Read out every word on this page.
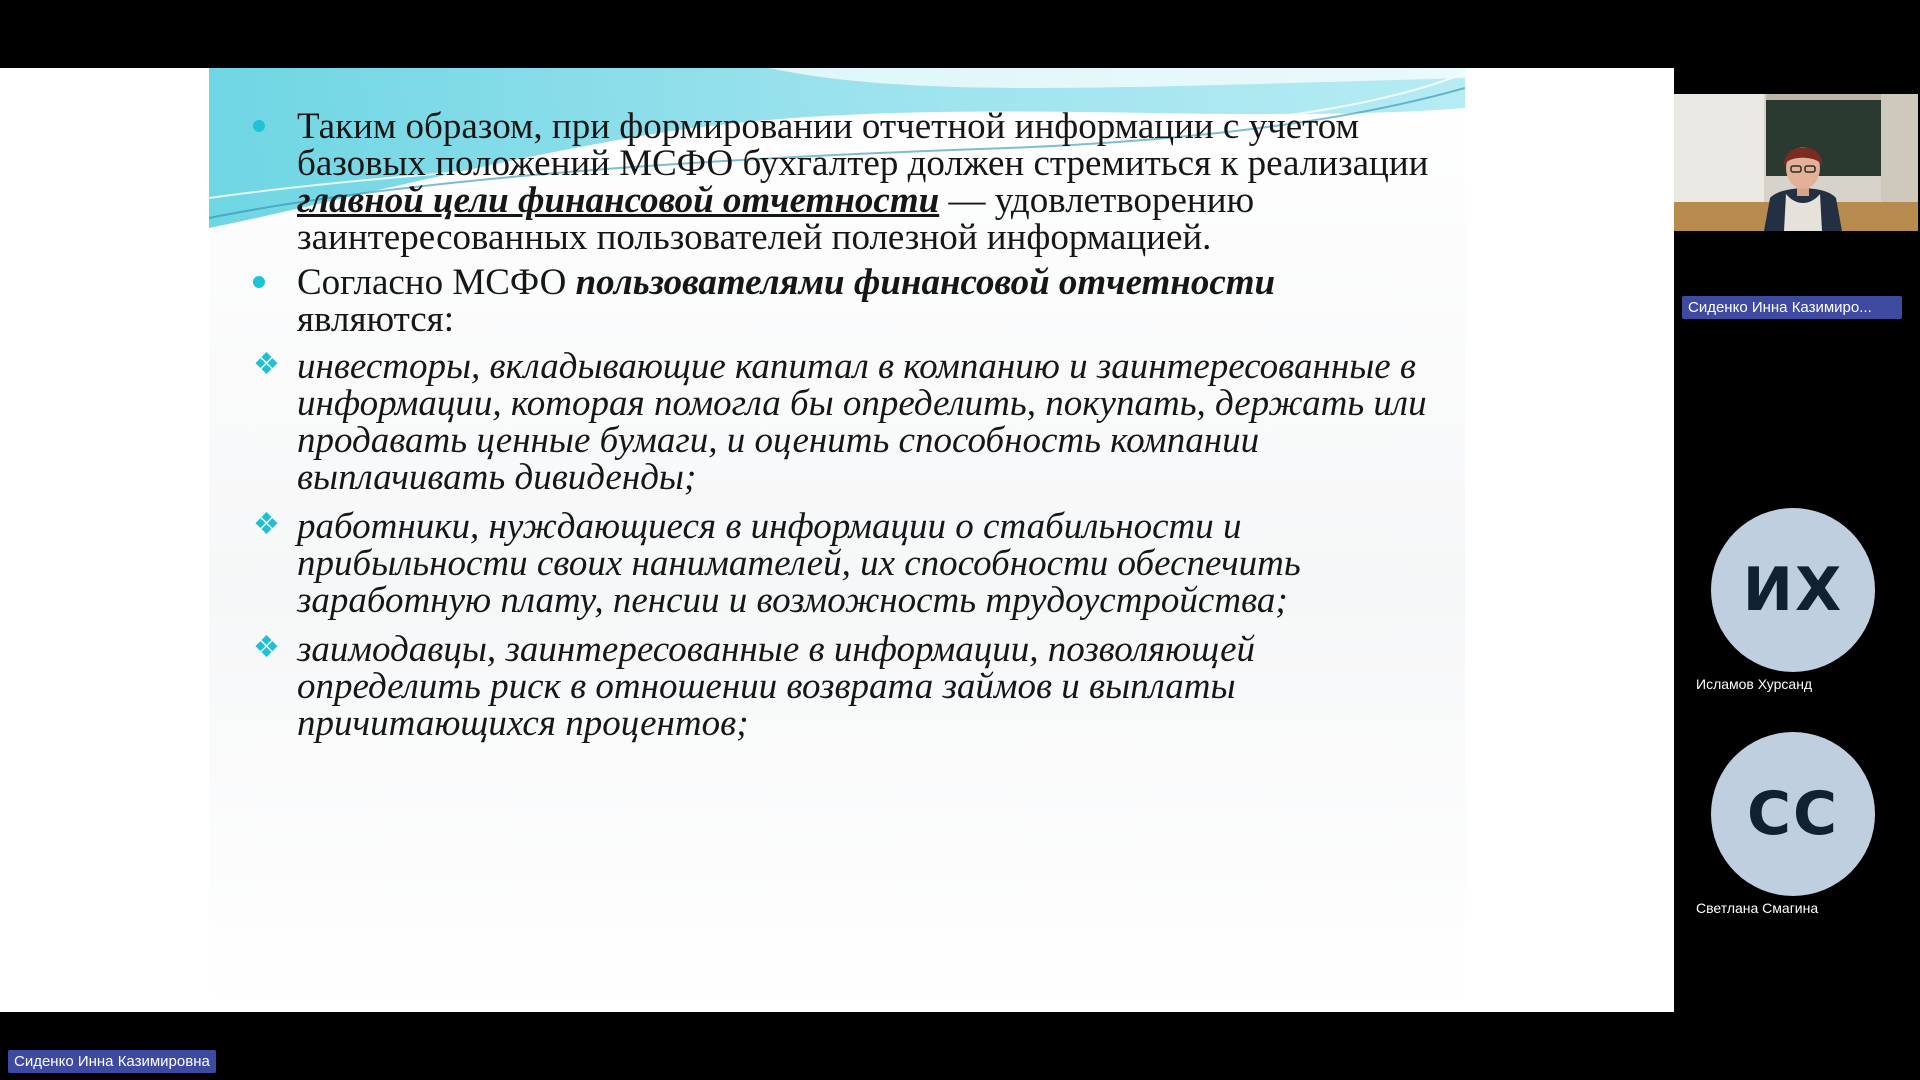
Таким образом, при формировании отчетной информации с учетом базовых положений МСФО бухгалтер должен стремиться к реализации главной цели финансовой отчетности — удовлетворению заинтересованных пользователей полезной информацией.
Согласно МСФО пользователями финансовой отчетности являются:
❖ инвесторы, вкладывающие капитал в компанию и заинтересованные в информации, которая помогла бы определить, покупать, держать или продавать ценные бумаги, и оценить способность компании выплачивать дивиденды;
❖ работники, нуждающиеся в информации о стабильности и прибыльности своих нанимателей, их способности обеспечить заработную плату, пенсии и возможность трудоустройства;
❖ заимодавцы, заинтересованные в информации, позволяющей определить риск в отношении возврата займов и выплаты причитающихся процентов;
Сиденко Инна Казимиро...
ИХ
Исламов Хурсанд
СС
Светлана Смагина
Сиденко Инна Казимировна
